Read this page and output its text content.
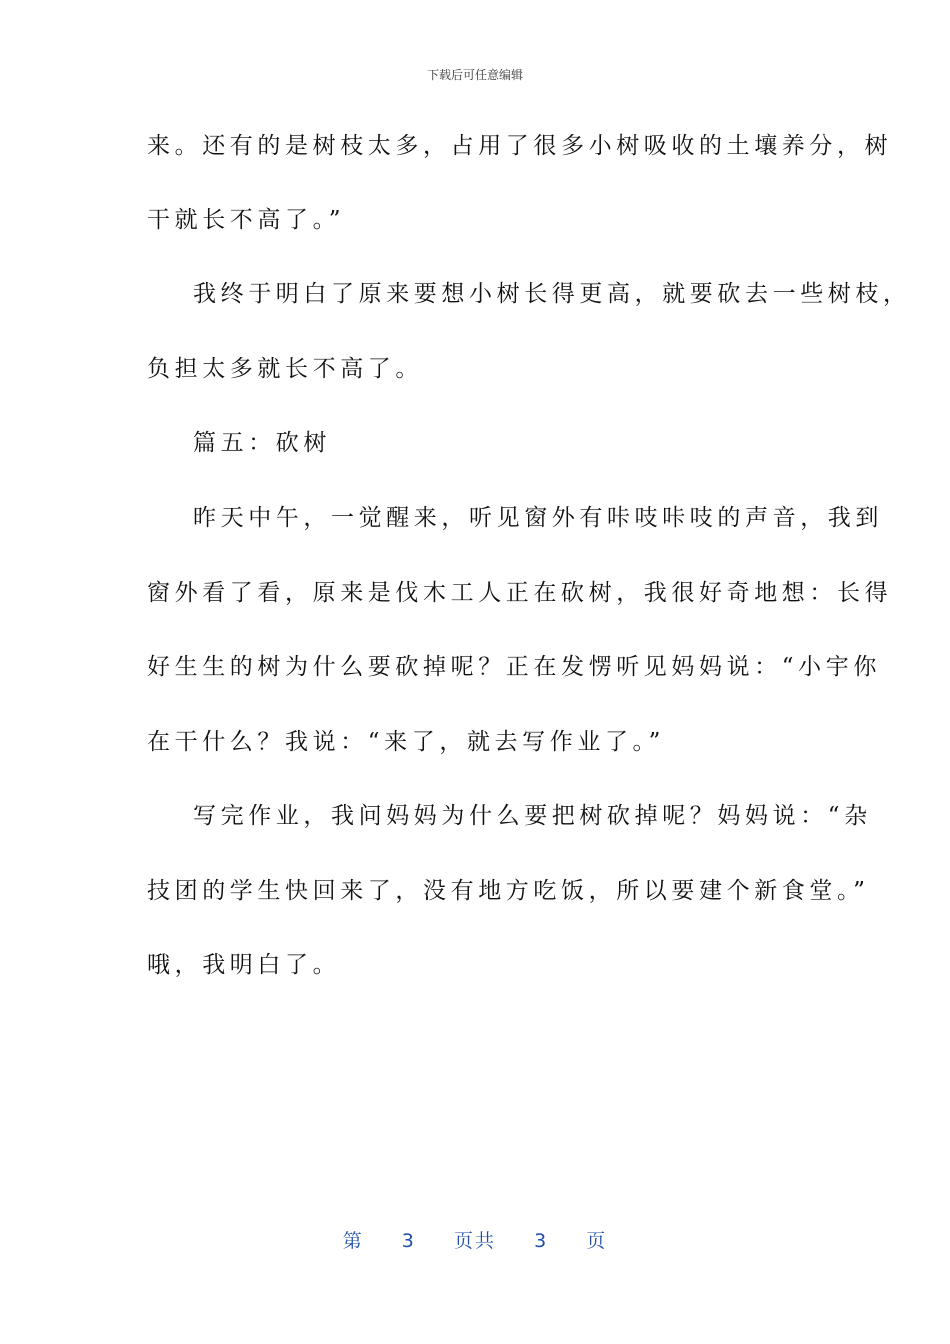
下载后可任意编辑
来。还有的是树枝太多，占用了很多小树吸收的土壤养分，树
干就长不高了。”
我终于明白了原来要想小树长得更高，就要砍去一些树枝，
负担太多就长不高了。
篇五：砍树
昨天中午，一觉醒来，听见窗外有咔吱咔吱的声音，我到
窗外看了看，原来是伐木工人正在砍树，我很好奇地想：长得
好生生的树为什么要砍掉呢？正在发愣听见妈妈说：“小宇你
在干什么？我说：“来了，就去写作业了。”
写完作业，我问妈妈为什么要把树砍掉呢？妈妈说：“杂
技团的学生快回来了，没有地方吃饭，所以要建个新食堂。”
哦，我明白了。
第 3 页共 3 页
